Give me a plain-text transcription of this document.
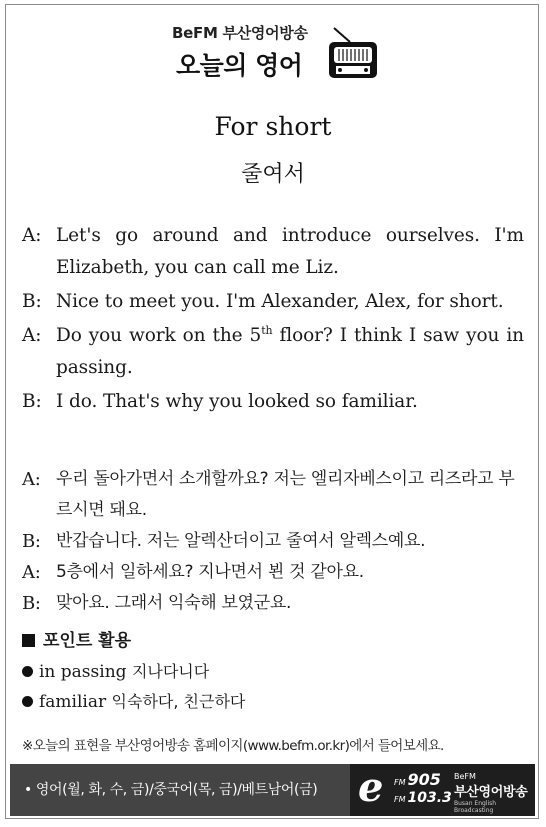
BeFM 부산영어방송
오늘의 영어
For short
줄여서
A: Let's go around and introduce ourselves. I'm Elizabeth, you can call me Liz.
B: Nice to meet you. I'm Alexander, Alex, for short.
A: Do you work on the 5th floor? I think I saw you in passing.
B: I do. That's why you looked so familiar.
A: 우리 돌아가면서 소개할까요? 저는 엘리자베스이고 리즈라고 부르시면 돼요.
B: 반갑습니다. 저는 알렉산더이고 줄여서 알렉스예요.
A: 5층에서 일하세요? 지나면서 뵌 것 같아요.
B: 맞아요. 그래서 익숙해 보였군요.
포인트 활용
in passing 지나다니다
familiar 익숙하다, 친근하다
※오늘의 표현을 부산영어방송 홈페이지(www.befm.or.kr)에서 들어보세요.
• 영어(월, 화, 수, 금)/중국어(목, 금)/베트남어(금) e FM 905
FM 103.3
BeFM
부산영어방송
Busan English Broadcasting
